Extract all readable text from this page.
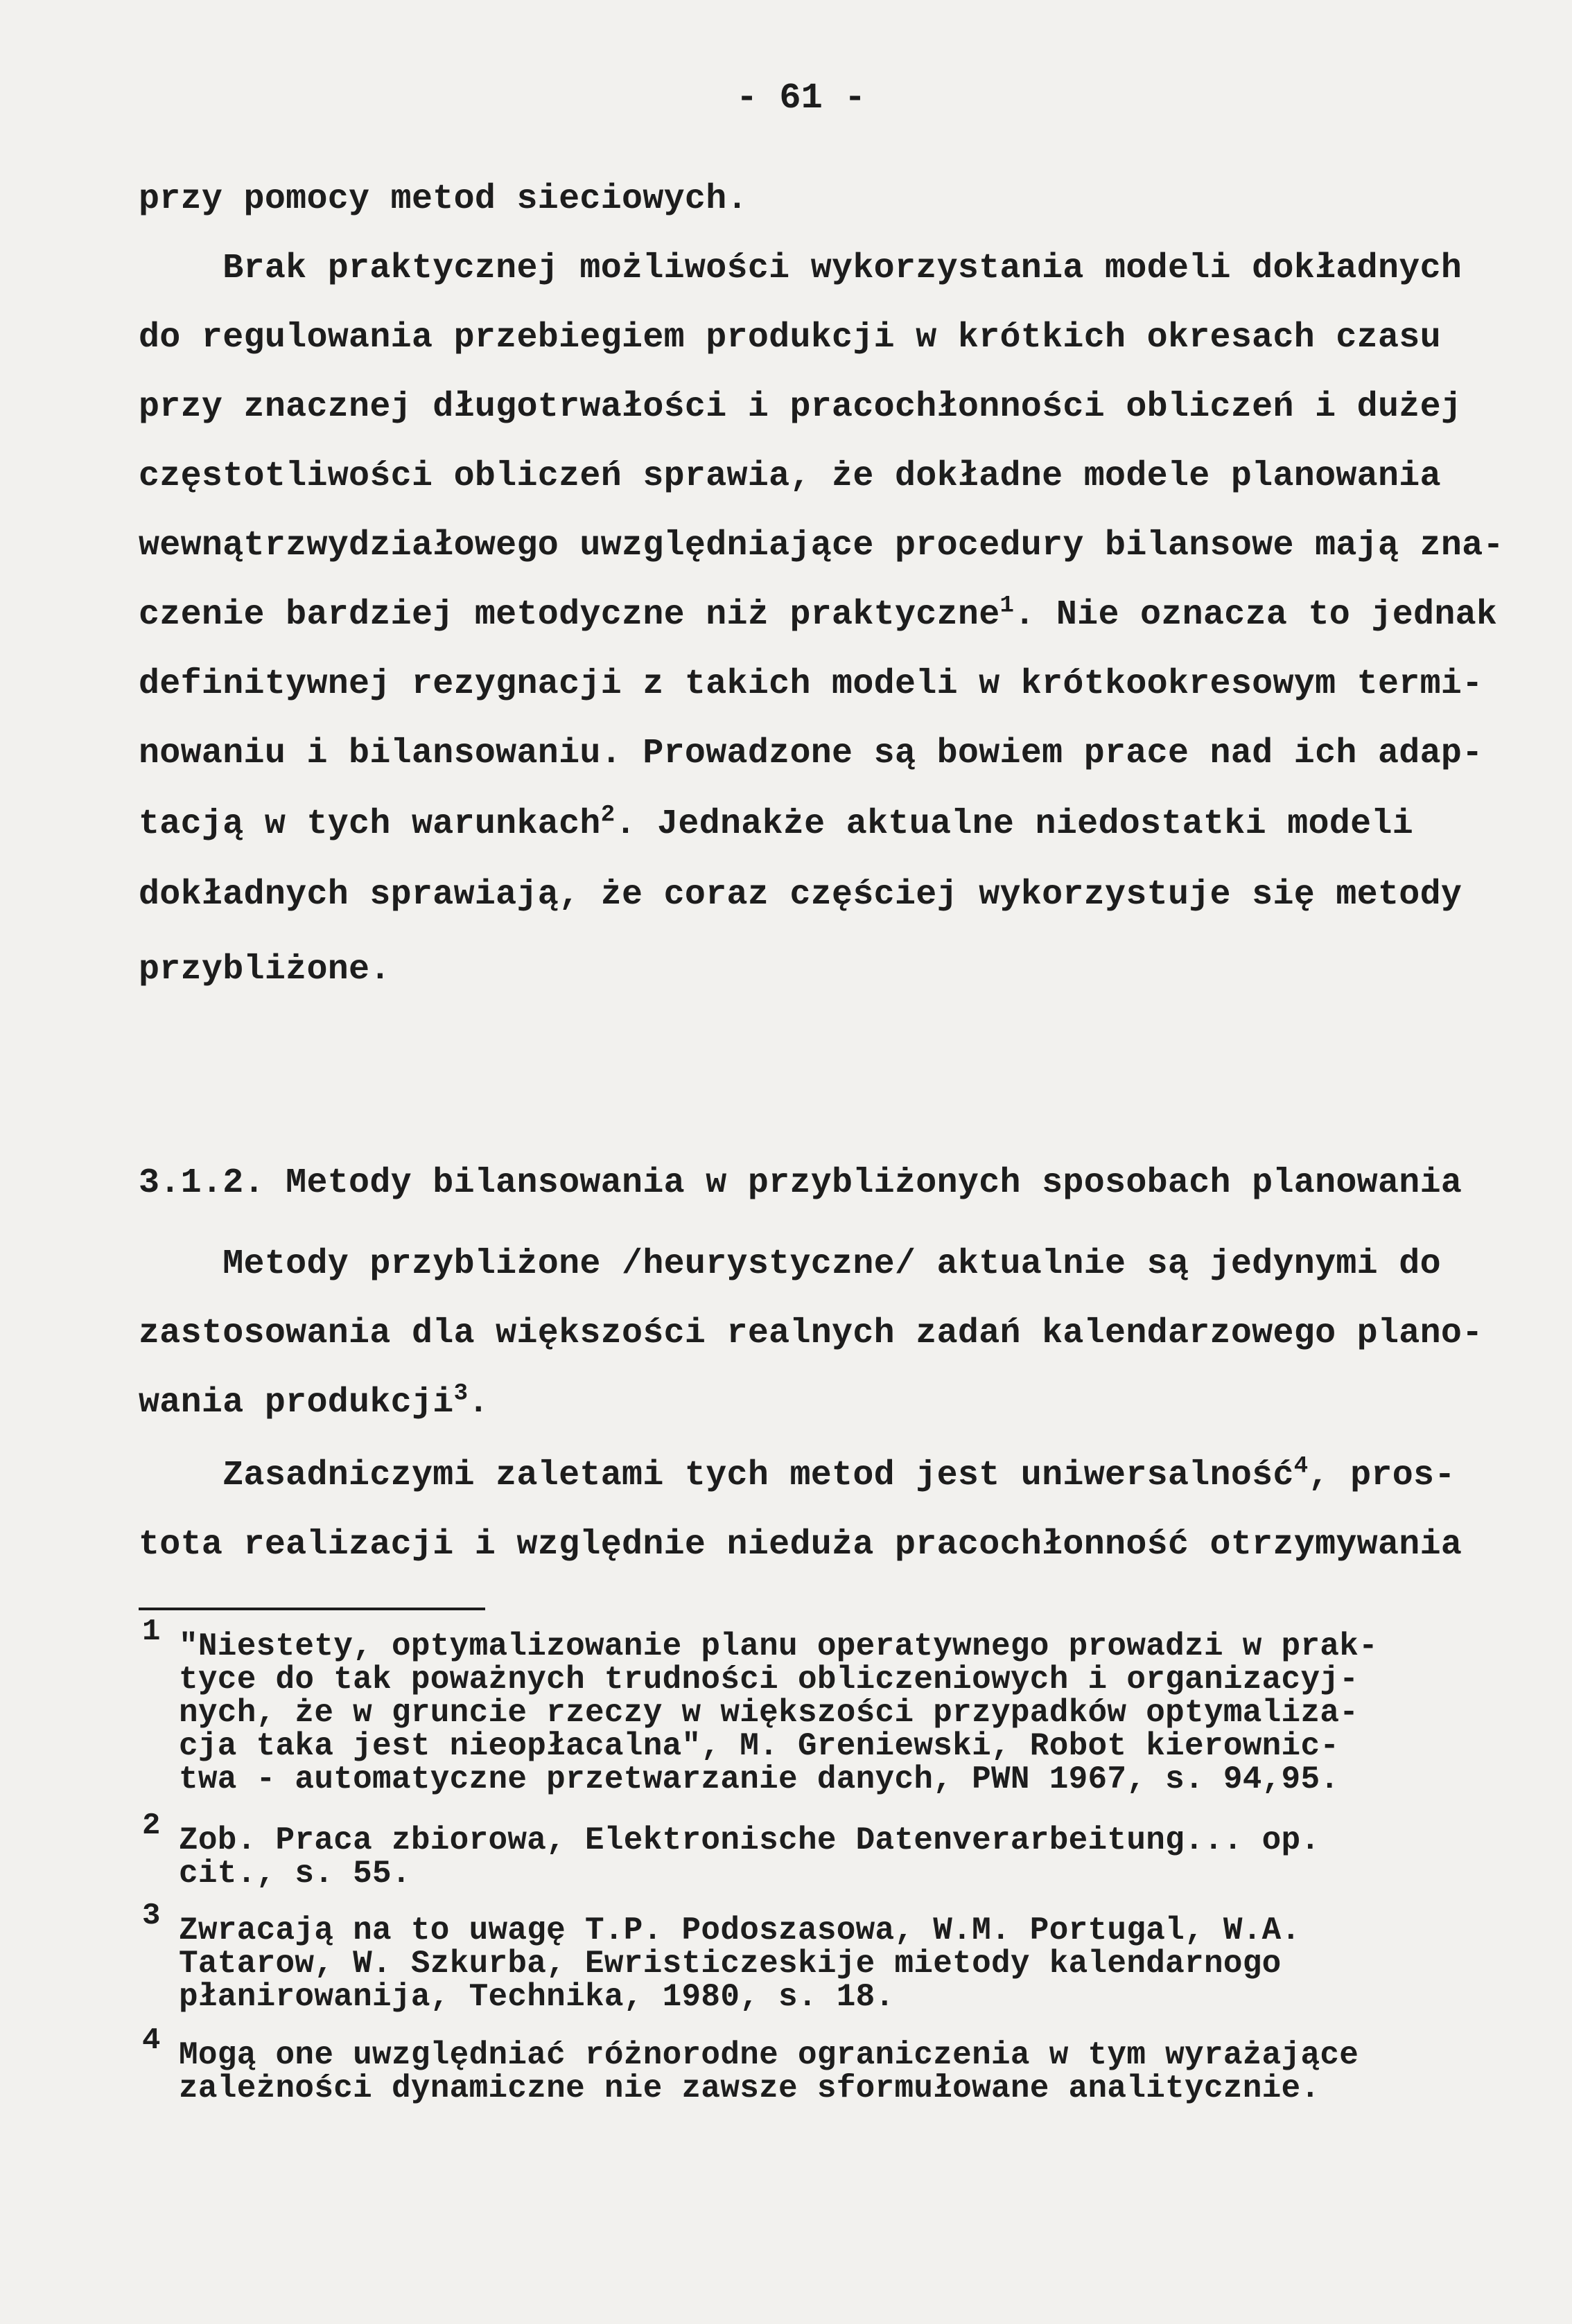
- 61 -

przy pomocy metod sieciowych.

Brak praktycznej możliwości wykorzystania modeli dokładnych

do regulowania przebiegiem produkcji w krótkich okresach czasu

przy znacznej długotrwałości i pracochłonności obliczeń i dużej

częstotliwości obliczeń sprawia, że dokładne modele planowania

wewnątrzwydziałowego uwzględniające procedury bilansowe mają zna-

czenie bardziej metodyczne niż praktyczne$^1$. Nie oznacza to jednak

definitywnej rezygnacji z takich modeli w krótkookresowym termi-

nowaniu i bilansowaniu. Prowadzone są bowiem prace nad ich adap-

tacją w tych warunkach$^2$. Jednakże aktualne niedostatki modeli

dokładnych sprawiają, że coraz częściej wykorzystuje się metody

przybliżone.

3.1.2. Metody bilansowania w przybliżonych sposobach planowania

Metody przybliżone /heurystyczne/ aktualnie są jedynymi do

zastosowania dla większości realnych zadań kalendarzowego plano-

wania produkcji$^3$.

Zasadniczymi zaletami tych metod jest uniwersalność$^4$, pros-

tota realizacji i względnie nieduża pracochłonność otrzymywania

1 "Niestety, optymalizowanie planu operatywnego prowadzi w prak-

tyce do tak poważnych trudności obliczeniowych i organizacyj-

nych, że w gruncie rzeczy w większości przypadków optymaliza-

cja taka jest nieopłacalna", M. Greniewski, Robot kierownic-

twa - automatyczne przetwarzanie danych, PWN 1967, s. 94,95.

2 Zob. Praca zbiorowa, Elektronische Datenverarbeitung... op.

cit., s. 55.

3 Zwracają na to uwagę T.P. Podoszasowa, W.M. Portugal, W.A.

Tatarow, W. Szkurba, Ewristiczeskije mietody kalendarnogo

płanirowanija, Technika, 1980, s. 18.

4 Mogą one uwzględniać różnorodne ograniczenia w tym wyrażające

zależności dynamiczne nie zawsze sformułowane analitycznie.
